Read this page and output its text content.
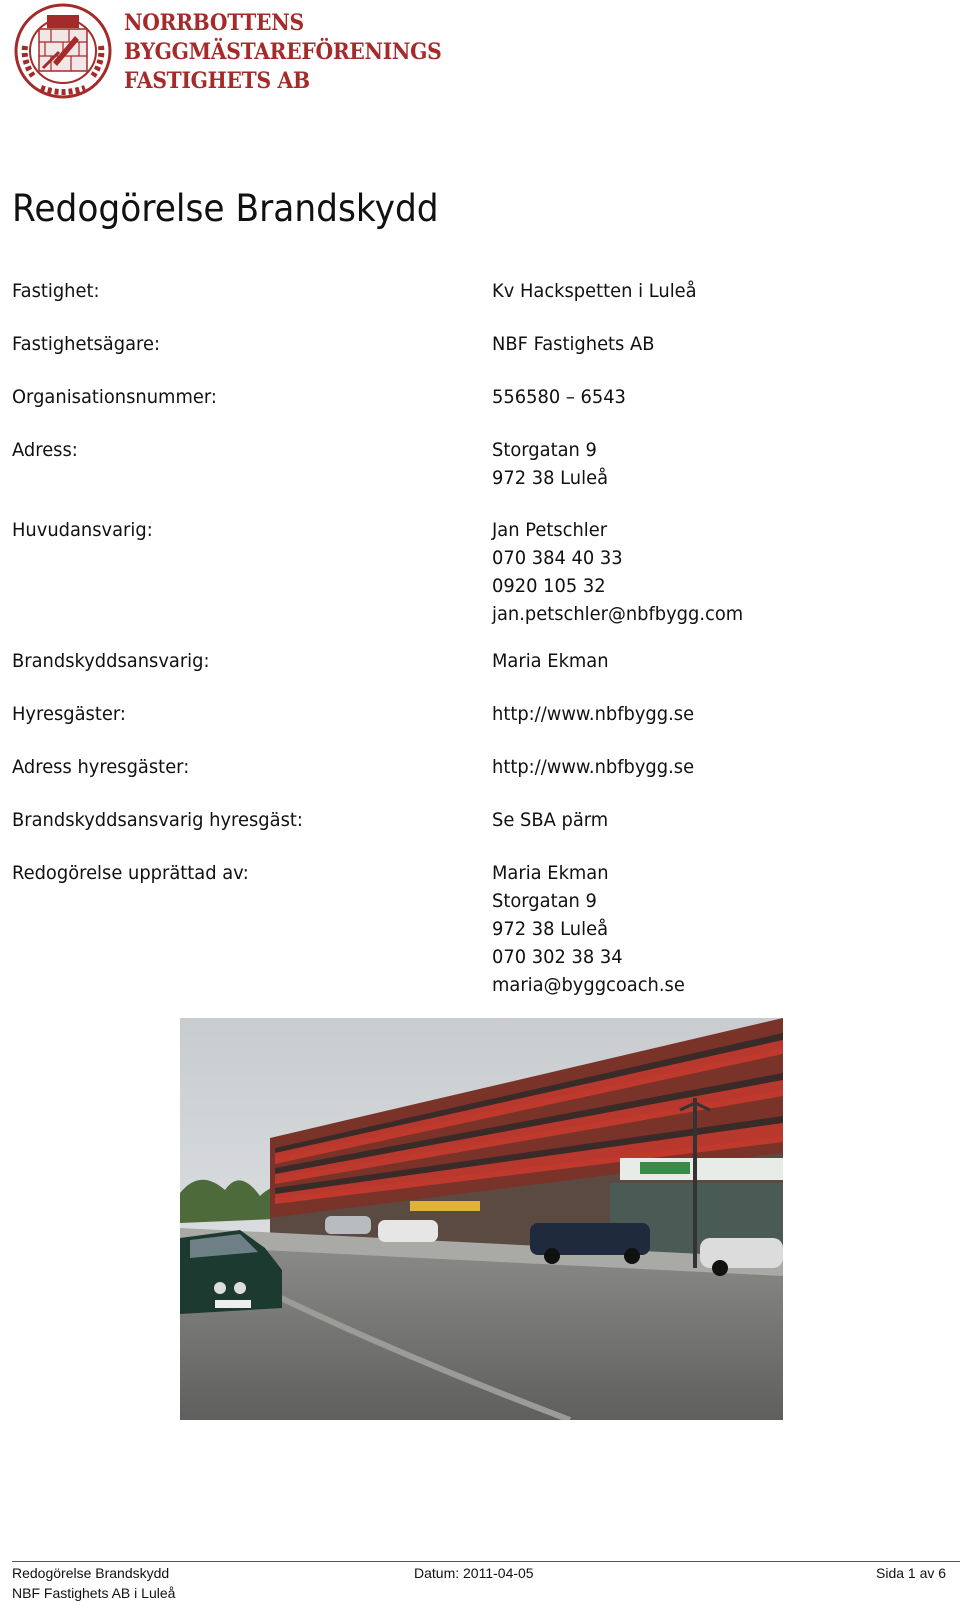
NORRBOTTENS
BYGGMÄSTAREFÖRENINGS
FASTIGHETS AB
Redogörelse Brandskydd
Fastighet:	Kv Hackspetten i Luleå
Fastighetsägare:	NBF Fastighets AB
Organisationsnummer:	556580 – 6543
Adress:	Storgatan 9
972 38 Luleå
Huvudansvarig:	Jan Petschler
070 384 40 33
0920 105 32
jan.petschler@nbfbygg.com
Brandskyddsansvarig:	Maria Ekman
Hyresgäster:	http://www.nbfbygg.se
Adress hyresgäster:	http://www.nbfbygg.se
Brandskyddsansvarig hyresgäst:	Se SBA pärm
Redogörelse upprättad av:	Maria Ekman
Storgatan 9
972 38 Luleå
070 302 38 34
maria@byggcoach.se
Redogörelse Brandskydd
NBF Fastighets AB i Luleå
Datum: 2011-04-05	Sida 1 av 6
